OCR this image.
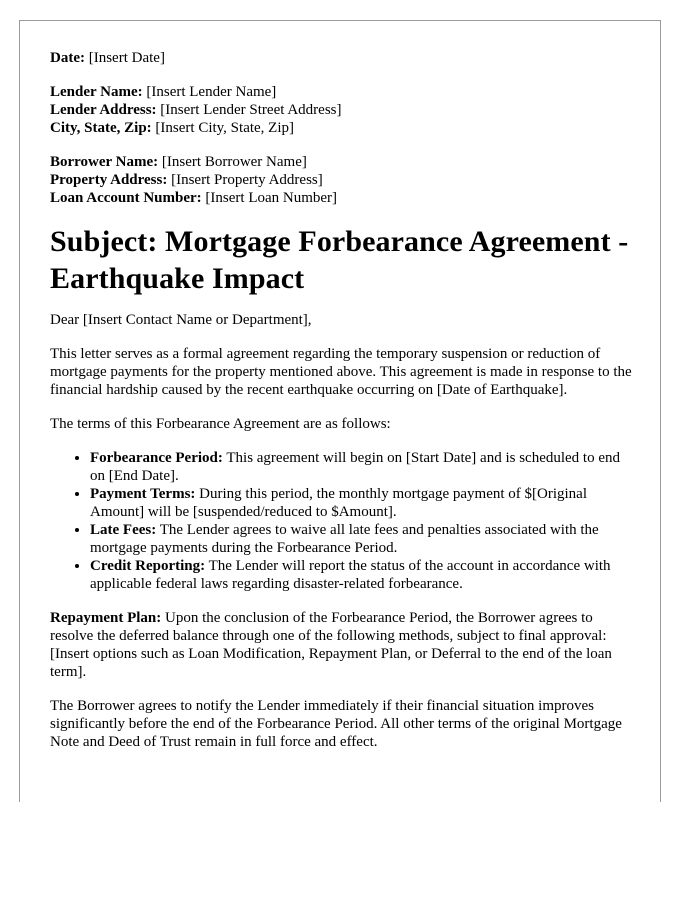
Date: [Insert Date]

Lender Name: [Insert Lender Name]
Lender Address: [Insert Lender Street Address]
City, State, Zip: [Insert City, State, Zip]
Borrower Name: [Insert Borrower Name]
Property Address: [Insert Property Address]
Loan Account Number: [Insert Loan Number]
Subject: Mortgage Forbearance Agreement - Earthquake Impact

Dear [Insert Contact Name or Department],

This letter serves as a formal agreement regarding the temporary suspension or reduction of mortgage payments for the property mentioned above. This agreement is made in response to the financial hardship caused by the recent earthquake occurring on [Date of Earthquake].

The terms of this Forbearance Agreement are as follows:

• Forbearance Period: This agreement will begin on [Start Date] and is scheduled to end on [End Date].
• Payment Terms: During this period, the monthly mortgage payment of $[Original Amount] will be [suspended/reduced to $Amount].
• Late Fees: The Lender agrees to waive all late fees and penalties associated with the mortgage payments during the Forbearance Period.
• Credit Reporting: The Lender will report the status of the account in accordance with applicable federal laws regarding disaster-related forbearance.

Repayment Plan: Upon the conclusion of the Forbearance Period, the Borrower agrees to resolve the deferred balance through one of the following methods, subject to final approval: [Insert options such as Loan Modification, Repayment Plan, or Deferral to the end of the loan term].

The Borrower agrees to notify the Lender immediately if their financial situation improves significantly before the end of the Forbearance Period. All other terms of the original Mortgage Note and Deed of Trust remain in full force and effect.
